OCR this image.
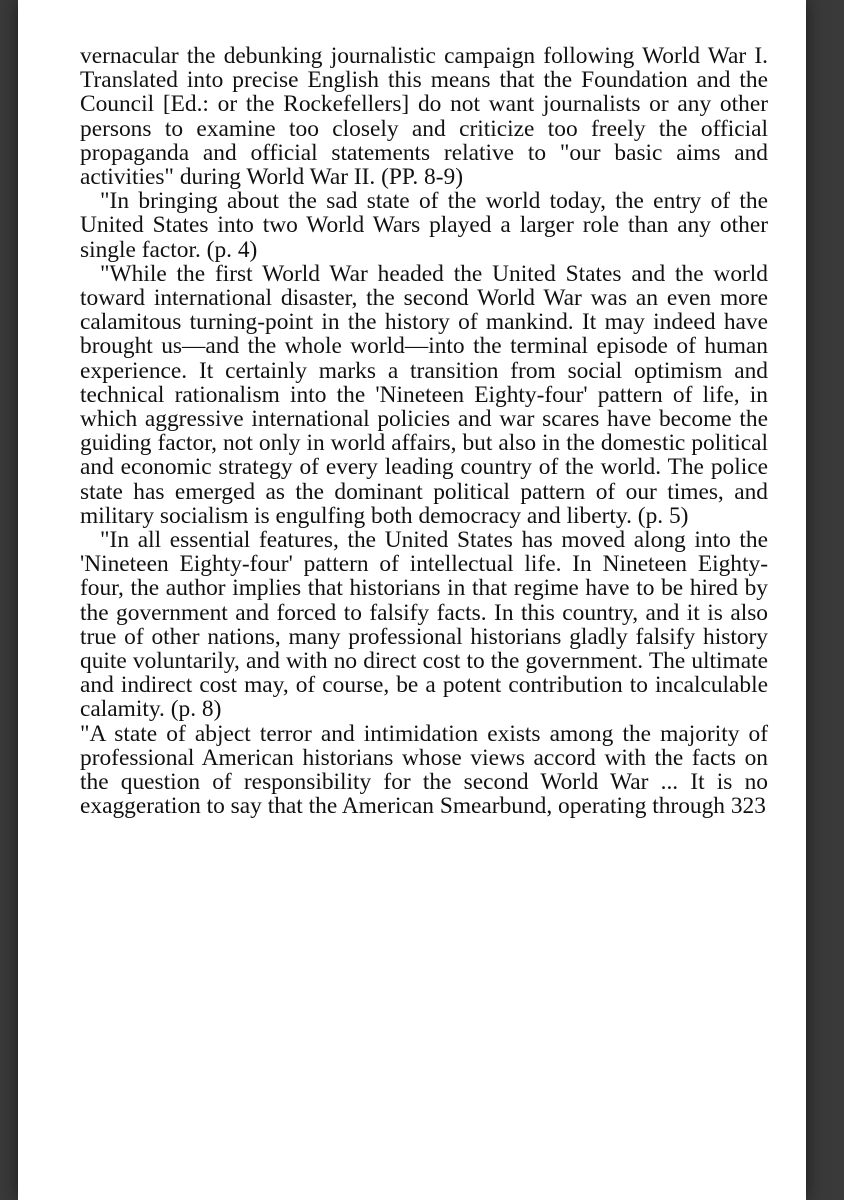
vernacular the debunking journalistic campaign following World War I. Translated into precise English this means that the Foundation and the Council [Ed.: or the Rockefellers] do not want journalists or any other persons to examine too closely and criticize too freely the official propaganda and official statements relative to "our basic aims and activities" during World War II. (PP. 8-9)

"In bringing about the sad state of the world today, the entry of the United States into two World Wars played a larger role than any other single factor. (p. 4)

"While the first World War headed the United States and the world toward international disaster, the second World War was an even more calamitous turning-point in the history of mankind. It may indeed have brought us—and the whole world—into the terminal episode of human experience. It certainly marks a transition from social optimism and technical rationalism into the 'Nineteen Eighty-four' pattern of life, in which aggressive international policies and war scares have become the guiding factor, not only in world affairs, but also in the domestic political and economic strategy of every leading country of the world. The police state has emerged as the dominant political pattern of our times, and military socialism is engulfing both democracy and liberty. (p. 5)

"In all essential features, the United States has moved along into the 'Nineteen Eighty-four' pattern of intellectual life. In Nineteen Eighty-four, the author implies that historians in that regime have to be hired by the government and forced to falsify facts. In this country, and it is also true of other nations, many professional historians gladly falsify history quite voluntarily, and with no direct cost to the government. The ultimate and indirect cost may, of course, be a potent contribution to incalculable calamity. (p. 8)

"A state of abject terror and intimidation exists among the majority of professional American historians whose views accord with the facts on the question of responsibility for the second World War ... It is no exaggeration to say that the American Smearbund, operating through 323
